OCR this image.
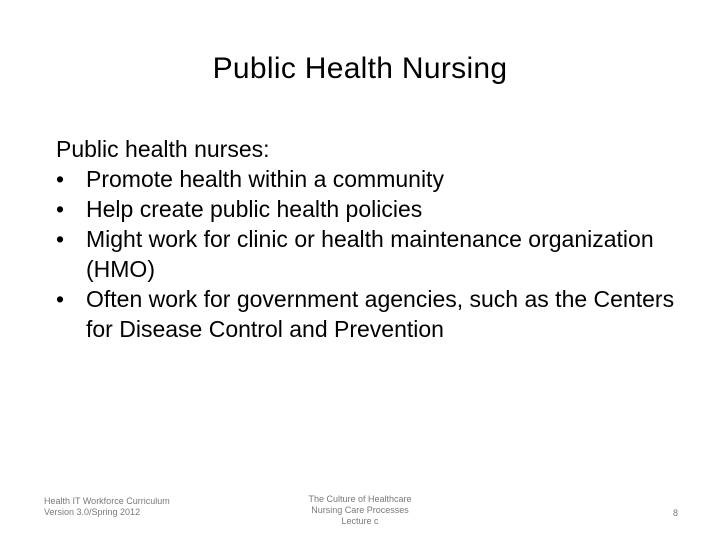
Public Health Nursing

Public health nurses:

• Promote health within a community
• Help create public health policies
• Might work for clinic or health maintenance organization (HMO)
• Often work for government agencies, such as the Centers for Disease Control and Prevention
Health IT Workforce Curriculum
Version 3.0/Spring 2012
The Culture of Healthcare
Nursing Care Processes
Lecture c
8
